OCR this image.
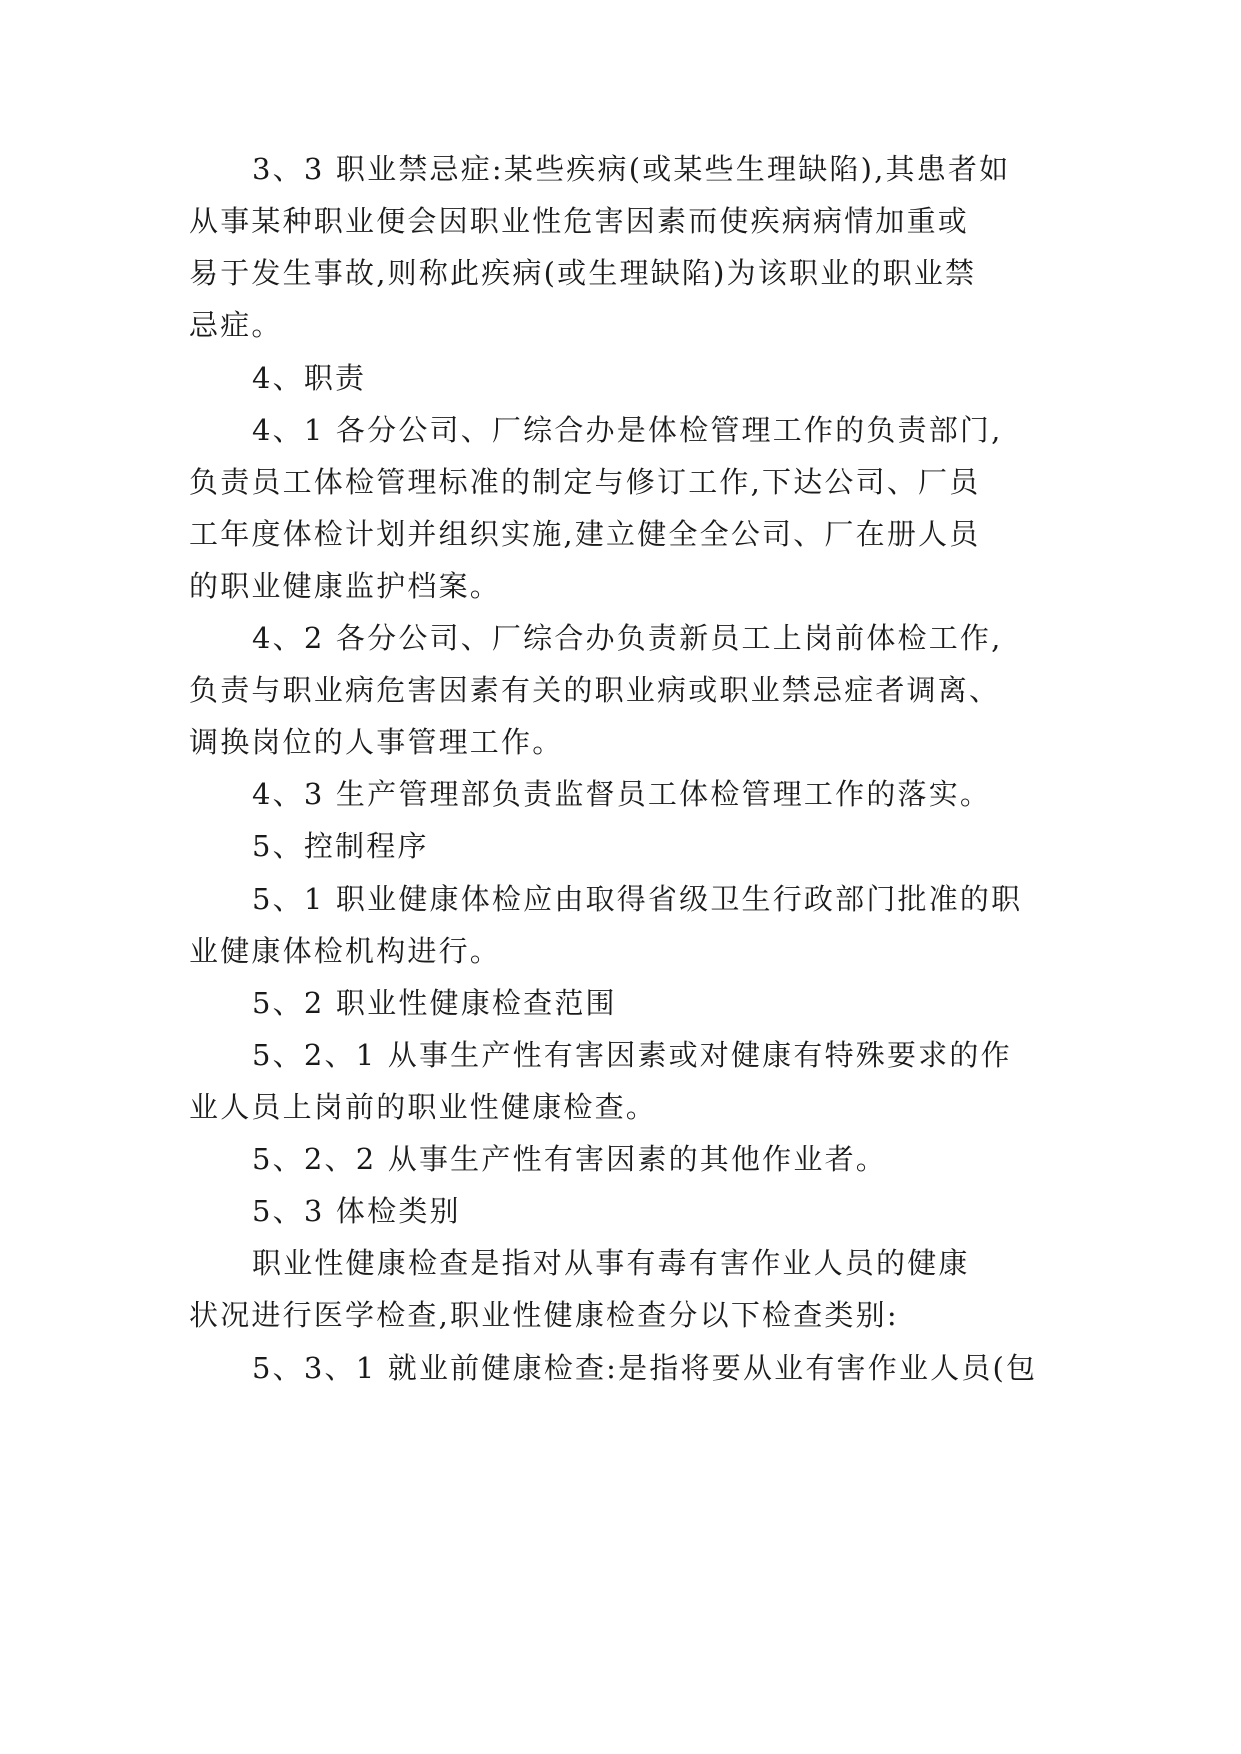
3、3 职业禁忌症:某些疾病(或某些生理缺陷),其患者如
从事某种职业便会因职业性危害因素而使疾病病情加重或
易于发生事故,则称此疾病(或生理缺陷)为该职业的职业禁
忌症。
4、职责
4、1 各分公司、厂综合办是体检管理工作的负责部门,
负责员工体检管理标准的制定与修订工作,下达公司、厂员
工年度体检计划并组织实施,建立健全全公司、厂在册人员
的职业健康监护档案。
4、2 各分公司、厂综合办负责新员工上岗前体检工作,
负责与职业病危害因素有关的职业病或职业禁忌症者调离、
调换岗位的人事管理工作。
4、3 生产管理部负责监督员工体检管理工作的落实。
5、控制程序
5、1 职业健康体检应由取得省级卫生行政部门批准的职
业健康体检机构进行。
5、2 职业性健康检查范围
5、2、1 从事生产性有害因素或对健康有特殊要求的作
业人员上岗前的职业性健康检查。
5、2、2 从事生产性有害因素的其他作业者。
5、3 体检类别
职业性健康检查是指对从事有毒有害作业人员的健康
状况进行医学检查,职业性健康检查分以下检查类别:
5、3、1 就业前健康检查:是指将要从业有害作业人员(包
